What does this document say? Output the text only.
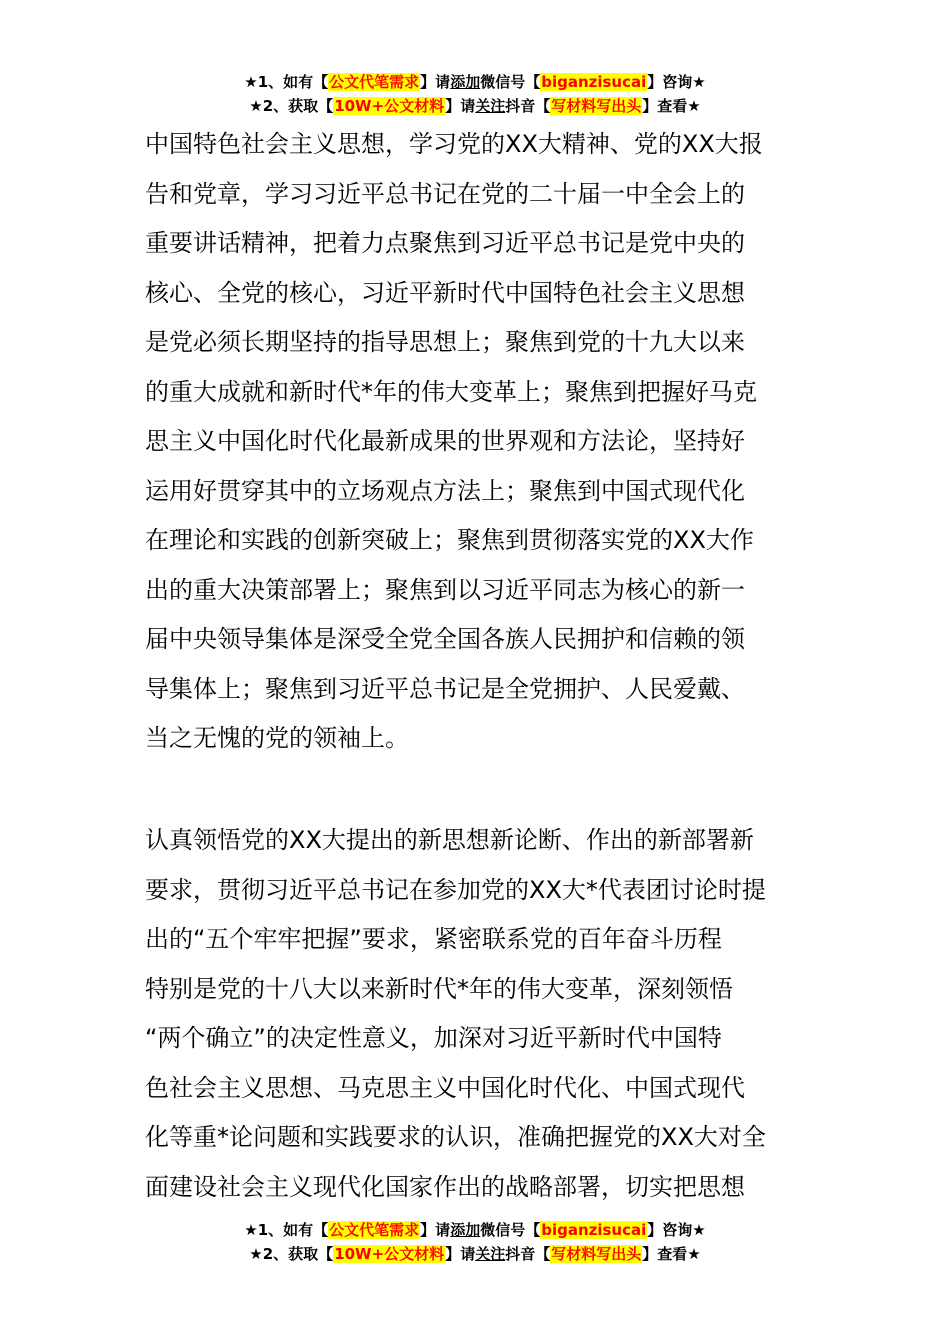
★1、如有【公文代笔需求】请添加微信号【biganzisucai】咨询★
★2、获取【10W+公文材料】请关注抖音【写材料写出头】查看★
中国特色社会主义思想，学习党的XX大精神、党的XX大报
告和党章，学习习近平总书记在党的二十届一中全会上的
重要讲话精神，把着力点聚焦到习近平总书记是党中央的
核心、全党的核心，习近平新时代中国特色社会主义思想
是党必须长期坚持的指导思想上；聚焦到党的十九大以来
的重大成就和新时代*年的伟大变革上；聚焦到把握好马克
思主义中国化时代化最新成果的世界观和方法论，坚持好
运用好贯穿其中的立场观点方法上；聚焦到中国式现代化
在理论和实践的创新突破上；聚焦到贯彻落实党的XX大作
出的重大决策部署上；聚焦到以习近平同志为核心的新一
届中央领导集体是深受全党全国各族人民拥护和信赖的领
导集体上；聚焦到习近平总书记是全党拥护、人民爱戴、
当之无愧的党的领袖上。
认真领悟党的XX大提出的新思想新论断、作出的新部署新
要求，贯彻习近平总书记在参加党的XX大*代表团讨论时提
出的“五个牢牢把握”要求，紧密联系党的百年奋斗历程
特别是党的十八大以来新时代*年的伟大变革，深刻领悟
“两个确立”的决定性意义，加深对习近平新时代中国特
色社会主义思想、马克思主义中国化时代化、中国式现代
化等重*论问题和实践要求的认识，准确把握党的XX大对全
面建设社会主义现代化国家作出的战略部署，切实把思想
★1、如有【公文代笔需求】请添加微信号【biganzisucai】咨询★
★2、获取【10W+公文材料】请关注抖音【写材料写出头】查看★
